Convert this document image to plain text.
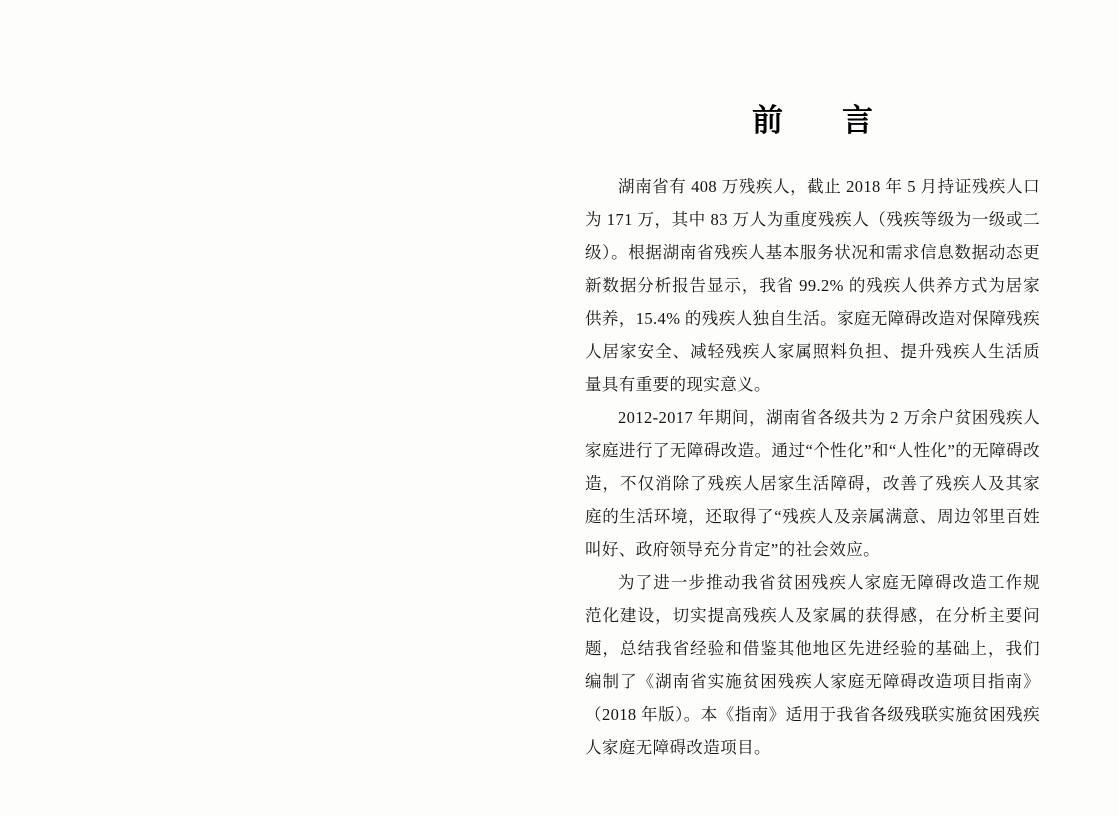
前　言

湖南省有 408 万残疾人，截止 2018 年 5 月持证残疾人口为 171 万，其中 83 万人为重度残疾人（残疾等级为一级或二级）。根据湖南省残疾人基本服务状况和需求信息数据动态更新数据分析报告显示，我省 99.2% 的残疾人供养方式为居家供养，15.4% 的残疾人独自生活。家庭无障碍改造对保障残疾人居家安全、减轻残疾人家属照料负担、提升残疾人生活质量具有重要的现实意义。

2012-2017 年期间，湖南省各级共为 2 万余户贫困残疾人家庭进行了无障碍改造。通过“个性化”和“人性化”的无障碍改造，不仅消除了残疾人居家生活障碍，改善了残疾人及其家庭的生活环境，还取得了“残疾人及亲属满意、周边邻里百姓叫好、政府领导充分肯定”的社会效应。

为了进一步推动我省贫困残疾人家庭无障碍改造工作规范化建设，切实提高残疾人及家属的获得感，在分析主要问题，总结我省经验和借鉴其他地区先进经验的基础上，我们编制了《湖南省实施贫困残疾人家庭无障碍改造项目指南》（2018 年版）。本《指南》适用于我省各级残联实施贫困残疾人家庭无障碍改造项目。
